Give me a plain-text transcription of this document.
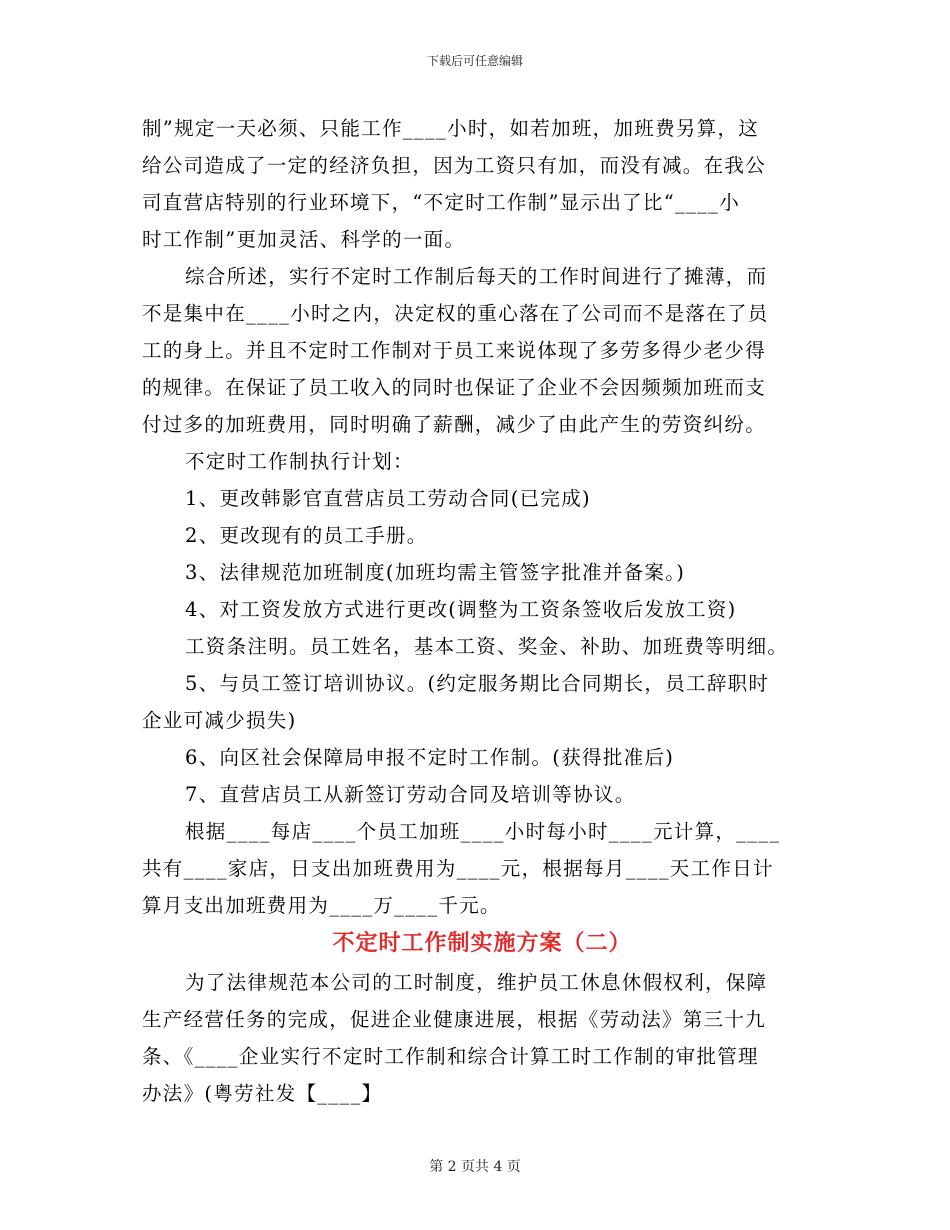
下载后可任意编辑
制”规定一天必须、只能工作____小时，如若加班，加班费另算，这
给公司造成了一定的经济负担，因为工资只有加，而没有减。在我公
司直营店特别的行业环境下，“不定时工作制”显示出了比“____小
时工作制”更加灵活、科学的一面。
综合所述，实行不定时工作制后每天的工作时间进行了摊薄，而
不是集中在____小时之内，决定权的重心落在了公司而不是落在了员
工的身上。并且不定时工作制对于员工来说体现了多劳多得少老少得
的规律。在保证了员工收入的同时也保证了企业不会因频频加班而支
付过多的加班费用，同时明确了薪酬，减少了由此产生的劳资纠纷。
不定时工作制执行计划：
1、更改韩影官直营店员工劳动合同(已完成)
2、更改现有的员工手册。
3、法律规范加班制度(加班均需主管签字批准并备案。)
4、对工资发放方式进行更改(调整为工资条签收后发放工资)
工资条注明。员工姓名，基本工资、奖金、补助、加班费等明细。
5、与员工签订培训协议。(约定服务期比合同期长，员工辞职时
企业可减少损失)
6、向区社会保障局申报不定时工作制。(获得批准后)
7、直营店员工从新签订劳动合同及培训等协议。
根据____每店____个员工加班____小时每小时____元计算，____
共有____家店，日支出加班费用为____元，根据每月____天工作日计
算月支出加班费用为____万____千元。
不定时工作制实施方案（二）
为了法律规范本公司的工时制度，维护员工休息休假权利，保障
生产经营任务的完成，促进企业健康进展，根据《劳动法》第三十九
条、《____企业实行不定时工作制和综合计算工时工作制的审批管理
办法》(粤劳社发【____】
第 2 页共 4 页
